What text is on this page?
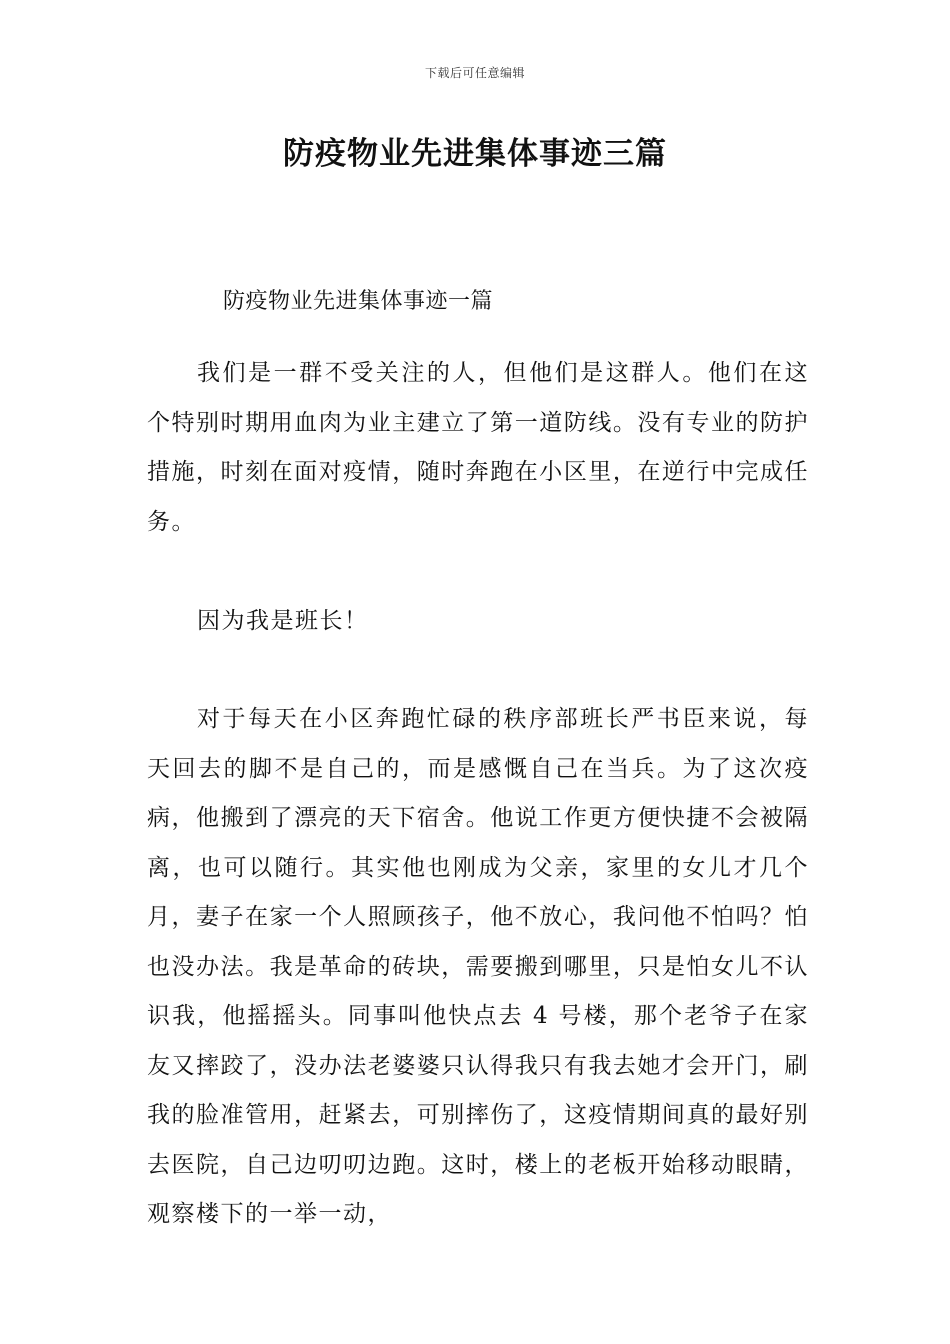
下载后可任意编辑
防疫物业先进集体事迹三篇
防疫物业先进集体事迹一篇

我们是一群不受关注的人，但他们是这群人。他们在这个特别时期用血肉为业主建立了第一道防线。没有专业的防护措施，时刻在面对疫情，随时奔跑在小区里，在逆行中完成任务。

因为我是班长！

对于每天在小区奔跑忙碌的秩序部班长严书臣来说，每天回去的脚不是自己的，而是感慨自己在当兵。为了这次疫病，他搬到了漂亮的天下宿舍。他说工作更方便快捷不会被隔离，也可以随行。其实他也刚成为父亲，家里的女儿才几个月，妻子在家一个人照顾孩子，他不放心，我问他不怕吗？怕也没办法。我是革命的砖块，需要搬到哪里，只是怕女儿不认识我，他摇摇头。同事叫他快点去 4 号楼，那个老爷子在家友又摔跤了，没办法老婆婆只认得我只有我去她才会开门，刷我的脸准管用，赶紧去，可别摔伤了，这疫情期间真的最好别去医院，自己边叨叨边跑。这时，楼上的老板开始移动眼睛，观察楼下的一举一动，
